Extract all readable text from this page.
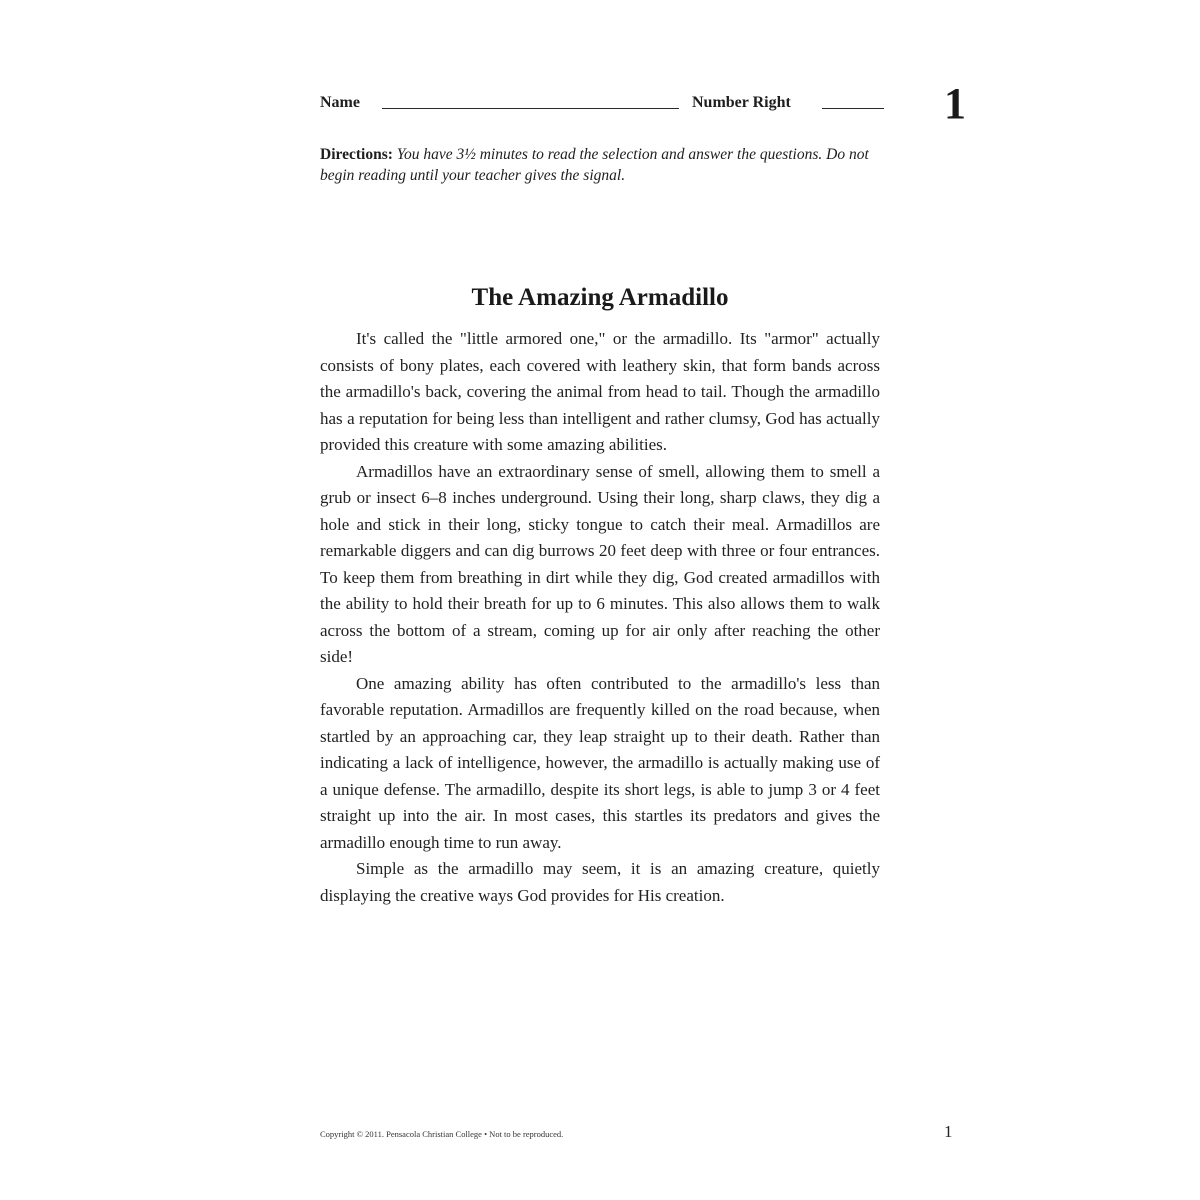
Name	Number Right	1
Directions: You have 3½ minutes to read the selection and answer the questions. Do not begin reading until your teacher gives the signal.
The Amazing Armadillo

It's called the "little armored one," or the armadillo. Its "armor" actually consists of bony plates, each covered with leathery skin, that form bands across the armadillo's back, covering the animal from head to tail. Though the armadillo has a reputation for being less than intelligent and rather clumsy, God has actually provided this creature with some amazing abilities.

Armadillos have an extraordinary sense of smell, allowing them to smell a grub or insect 6–8 inches underground. Using their long, sharp claws, they dig a hole and stick in their long, sticky tongue to catch their meal. Armadillos are remarkable diggers and can dig burrows 20 feet deep with three or four entrances. To keep them from breathing in dirt while they dig, God created armadillos with the ability to hold their breath for up to 6 minutes. This also allows them to walk across the bottom of a stream, coming up for air only after reaching the other side!

One amazing ability has often contributed to the armadillo's less than favorable reputation. Armadillos are frequently killed on the road because, when startled by an approaching car, they leap straight up to their death. Rather than indicating a lack of intelligence, however, the armadillo is actually making use of a unique defense. The armadillo, despite its short legs, is able to jump 3 or 4 feet straight up into the air. In most cases, this startles its predators and gives the armadillo enough time to run away.

Simple as the armadillo may seem, it is an amazing creature, quietly displaying the creative ways God provides for His creation.

Copyright © 2011. Pensacola Christian College • Not to be reproduced.	1
